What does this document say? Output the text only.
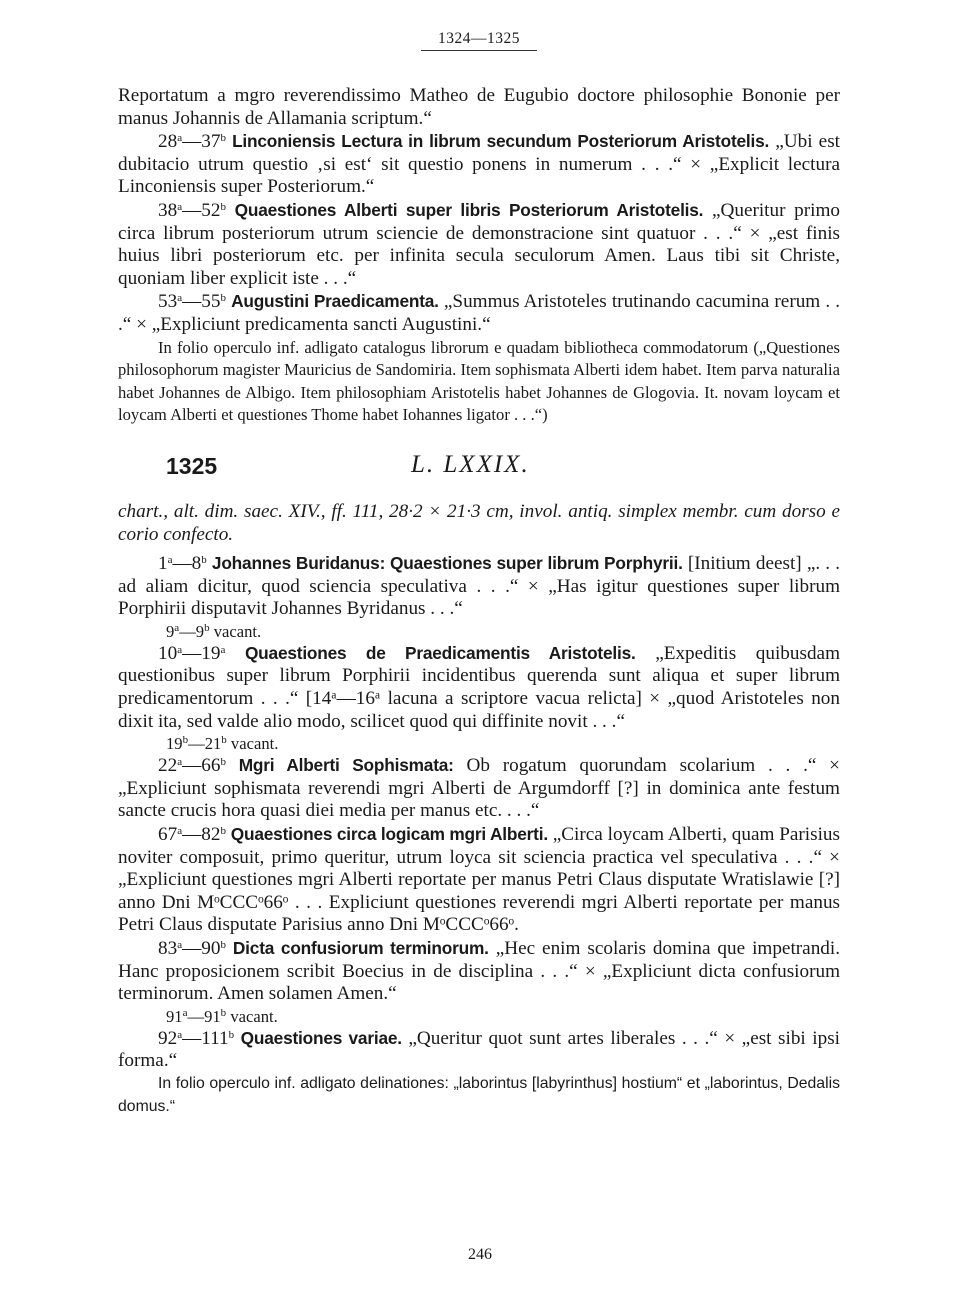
1324—1325

Reportatum a mgro reverendissimo Matheo de Eugubio doctore philosophie Bononie per manus Johannis de Allamania scriptum.“

28$^a$—37$^b$ Linconiensis Lectura in librum secundum Posteriorum Aristotelis. „Ubi est dubitacio utrum questio ‚si est‘ sit questio ponens in numerum . . .“ × „Explicit lectura Linconiensis super Posteriorum.“

38$^a$—52$^b$ Quaestiones Alberti super libris Posteriorum Aristotelis. „Queritur primo circa librum posteriorum utrum sciencie de demonstracione sint quatuor . . .“ × „est finis huius libri posteriorum etc. per infinita secula seculorum Amen. Laus tibi sit Christe, quoniam liber explicit iste . . .“

53$^a$—55$^b$ Augustini Praedicamenta. „Summus Aristoteles trutinando cacumina rerum . . .“ × „Expliciunt predicamenta sancti Augustini.“

In folio operculo inf. adligato catalogus librorum e quadam bibliotheca commodatorum („Questiones philosophorum magister Mauricius de Sandomiria. Item sophismata Alberti idem habet. Item parva naturalia habet Johannes de Albigo. Item philosophiam Aristotelis habet Johannes de Glogovia. It. novam loycam et loycam Alberti et questiones Thome habet Iohannes ligator . . .“)

1325	L. LXXIX.

chart., alt. dim. saec. XIV., ff. 111, 28·2 × 21·3 cm, invol. antiq. simplex membr. cum dorso e corio confecto.

1$^a$—8$^b$ Johannes Buridanus: Quaestiones super librum Porphyrii. [Initium deest] „. . . ad aliam dicitur, quod sciencia speculativa . . .“ × „Has igitur questiones super librum Porphirii disputavit Johannes Byridanus . . .“

9$^a$—9$^b$ vacant.

10$^a$—19$^a$ Quaestiones de Praedicamentis Aristotelis. „Expeditis quibusdam questionibus super librum Porphirii incidentibus querenda sunt aliqua et super librum predicamentorum . . .“ [14ᵃ—16ᵃ lacuna a scriptore vacua relicta] × „quod Aristoteles non dixit ita, sed valde alio modo, scilicet quod qui diffinite novit . . .“

19$^b$—21$^b$ vacant.

22$^a$—66$^b$ Mgri Alberti Sophismata: Ob rogatum quorundam scolarium . . .“ × „Expliciunt sophismata reverendi mgri Alberti de Argumdorff [?] in dominica ante festum sancte crucis hora quasi diei media per manus etc. . . .“

67$^a$—82$^b$ Quaestiones circa logicam mgri Alberti. „Circa loycam Alberti, quam Parisius noviter composuit, primo queritur, utrum loyca sit sciencia practica vel speculativa . . .“ × „Expliciunt questiones mgri Alberti reportate per manus Petri Claus disputate Wratislawie [?] anno Dni MᵒCCCᵒ66ᵒ . . . Expliciunt questiones reverendi mgri Alberti reportate per manus Petri Claus disputate Parisius anno Dni MᵒCCCᵒ66ᵒ.

83$^a$—90$^b$ Dicta confusiorum terminorum. „Hec enim scolaris domina que impetrandi. Hanc proposicionem scribit Boecius in de disciplina . . .“ × „Expliciunt dicta confusiorum terminorum. Amen solamen Amen.“

91$^a$—91$^b$ vacant.

92$^a$—111$^b$ Quaestiones variae. „Queritur quot sunt artes liberales . . .“ × „est sibi ipsi forma.“

In folio operculo inf. adligato delinationes: „laborintus [labyrinthus] hostium“ et „laborintus, Dedalis domus.“

246
